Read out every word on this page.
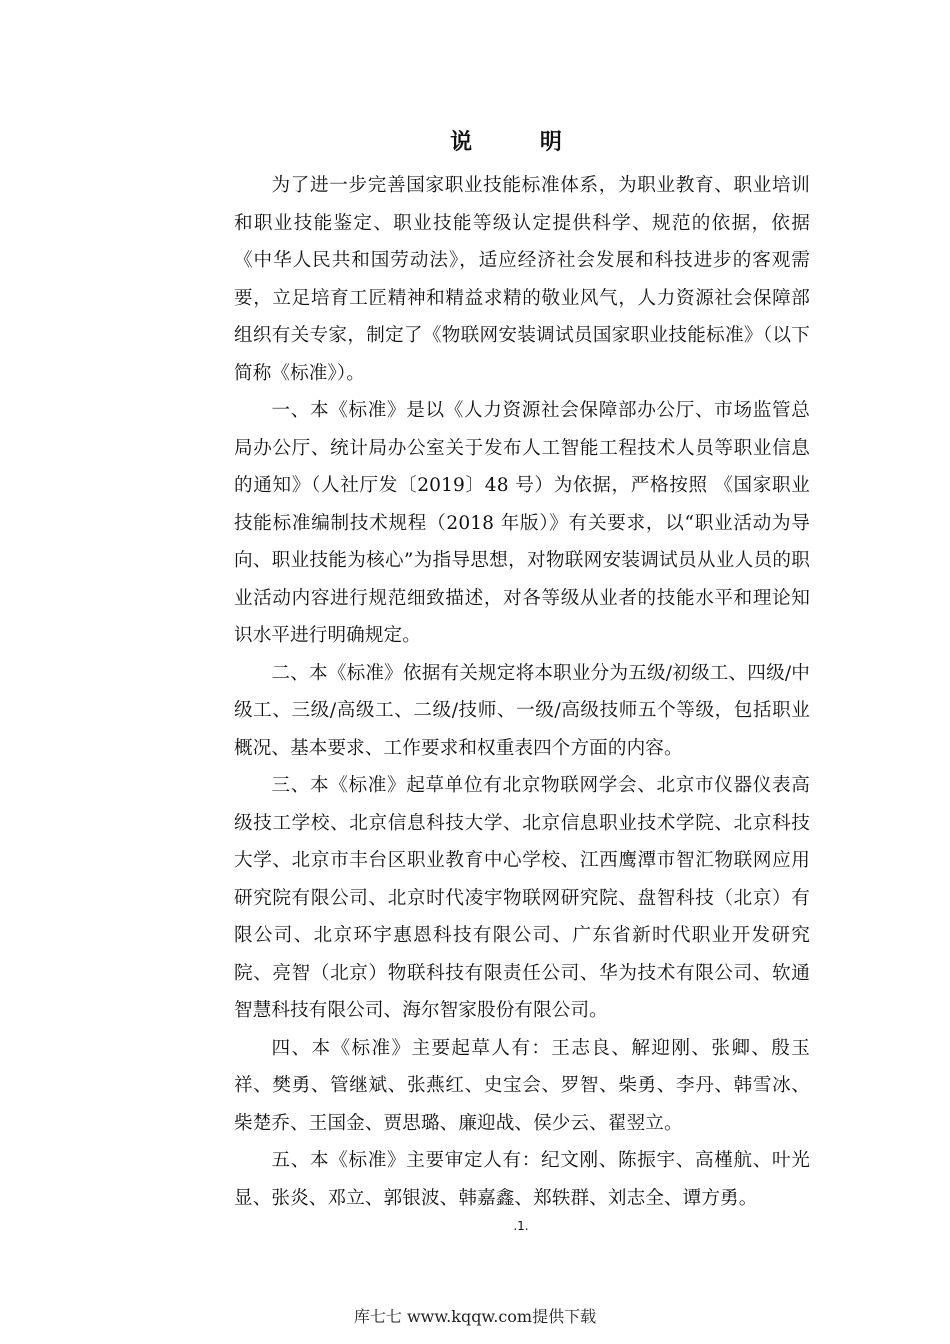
说 明

为了进一步完善国家职业技能标准体系，为职业教育、职业培训和职业技能鉴定、职业技能等级认定提供科学、规范的依据，依据《中华人民共和国劳动法》，适应经济社会发展和科技进步的客观需要，立足培育工匠精神和精益求精的敬业风气，人力资源社会保障部组织有关专家，制定了《物联网安装调试员国家职业技能标准》（以下简称《标准》）。

一、本《标准》是以《人力资源社会保障部办公厅、市场监管总局办公厅、统计局办公室关于发布人工智能工程技术人员等职业信息的通知》（人社厅发〔2019〕48 号）为依据，严格按照 《国家职业技能标准编制技术规程（2018 年版）》有关要求，以“职业活动为导向、职业技能为核心”为指导思想，对物联网安装调试员从业人员的职业活动内容进行规范细致描述，对各等级从业者的技能水平和理论知识水平进行明确规定。

二、本《标准》依据有关规定将本职业分为五级/初级工、四级/中级工、三级/高级工、二级/技师、一级/高级技师五个等级，包括职业概况、基本要求、工作要求和权重表四个方面的内容。

三、本《标准》起草单位有北京物联网学会、北京市仪器仪表高级技工学校、北京信息科技大学、北京信息职业技术学院、北京科技大学、北京市丰台区职业教育中心学校、江西鹰潭市智汇物联网应用研究院有限公司、北京时代凌宇物联网研究院、盘智科技（北京）有限公司、北京环宇惠恩科技有限公司、广东省新时代职业开发研究院、亮智（北京）物联科技有限责任公司、华为技术有限公司、软通智慧科技有限公司、海尔智家股份有限公司。

四、本《标准》主要起草人有：王志良、解迎刚、张卿、殷玉祥、樊勇、管继斌、张燕红、史宝会、罗智、柴勇、李丹、韩雪冰、柴楚乔、王国金、贾思璐、廉迎战、侯少云、翟翌立。

五、本《标准》主要审定人有：纪文刚、陈振宇、高槿航、叶光显、张炎、邓立、郭银波、韩嘉鑫、郑轶群、刘志全、谭方勇。

.1.

库七七 www.kqqw.com提供下载
